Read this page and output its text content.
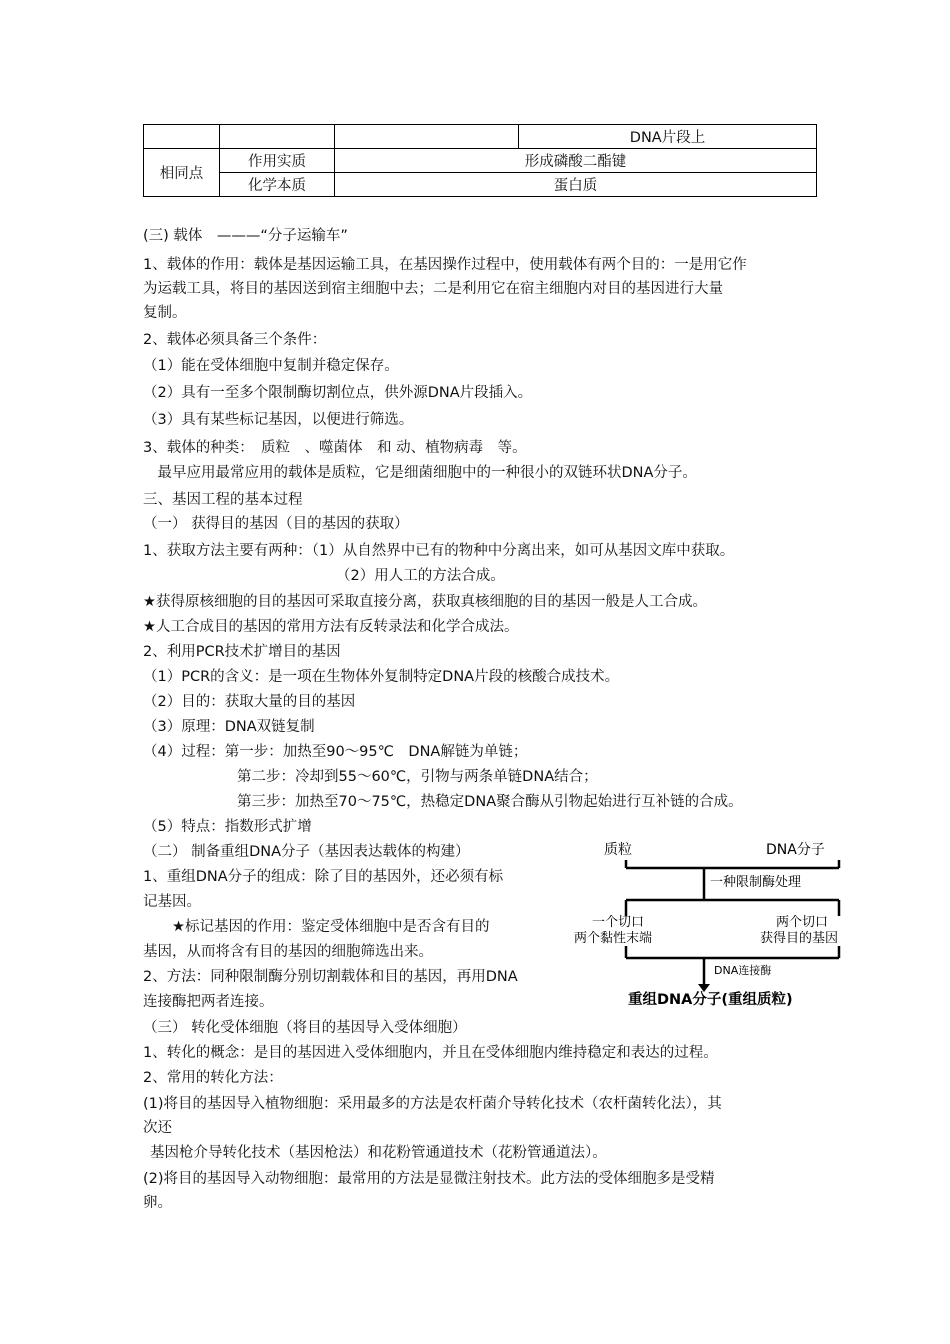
			DNA片段上
相同点	作用实质	形成磷酸二酯键	
	化学本质	蛋白质	
(三) 载体　———“分子运输车”
1、载体的作用：载体是基因运输工具，在基因操作过程中，使用载体有两个目的：一是用它作
为运载工具，将目的基因送到宿主细胞中去；二是利用它在宿主细胞内对目的基因进行大量
复制。
2、载体必须具备三个条件：
（1）能在受体细胞中复制并稳定保存。
（2）具有一至多个限制酶切割位点，供外源DNA片段插入。
（3）具有某些标记基因，以便进行筛选。
3、载体的种类：　质粒　、噬菌体　和 动、植物病毒　等。
　最早应用最常应用的载体是质粒，它是细菌细胞中的一种很小的双链环状DNA分子。
三、基因工程的基本过程
（一） 获得目的基因（目的基因的获取）
1、获取方法主要有两种：（1）从自然界中已有的物种中分离出来，如可从基因文库中获取。
（2）用人工的方法合成。
★获得原核细胞的目的基因可采取直接分离，获取真核细胞的目的基因一般是人工合成。
★人工合成目的基因的常用方法有反转录法和化学合成法。
2、利用PCR技术扩增目的基因
（1）PCR的含义：是一项在生物体外复制特定DNA片段的核酸合成技术。
（2）目的：获取大量的目的基因
（3）原理：DNA双链复制
（4）过程：第一步：加热至90～95℃　DNA解链为单链；
第二步：冷却到55～60℃，引物与两条单链DNA结合；
第三步：加热至70～75℃，热稳定DNA聚合酶从引物起始进行互补链的合成。
（5）特点：指数形式扩增
（二） 制备重组DNA分子（基因表达载体的构建）
1、重组DNA分子的组成：除了目的基因外，还必须有标
记基因。
★标记基因的作用：鉴定受体细胞中是否含有目的
基因，从而将含有目的基因的细胞筛选出来。
2、方法：同种限制酶分别切割载体和目的基因，再用DNA
连接酶把两者连接。
（三） 转化受体细胞（将目的基因导入受体细胞）
1、转化的概念：是目的基因进入受体细胞内，并且在受体细胞内维持稳定和表达的过程。
2、常用的转化方法：
(1)将目的基因导入植物细胞：采用最多的方法是农杆菌介导转化技术（农杆菌转化法），其
次还
基因枪介导转化技术（基因枪法）和花粉管通道技术（花粉管通道法）。
(2)将目的基因导入动物细胞：最常用的方法是显微注射技术。此方法的受体细胞多是受精
卵。
质粒	DNA分子
一种限制酶处理
一个切口
两个黏性末端
两个切口
获得目的基因
DNA连接酶
重组DNA分子(重组质粒)
